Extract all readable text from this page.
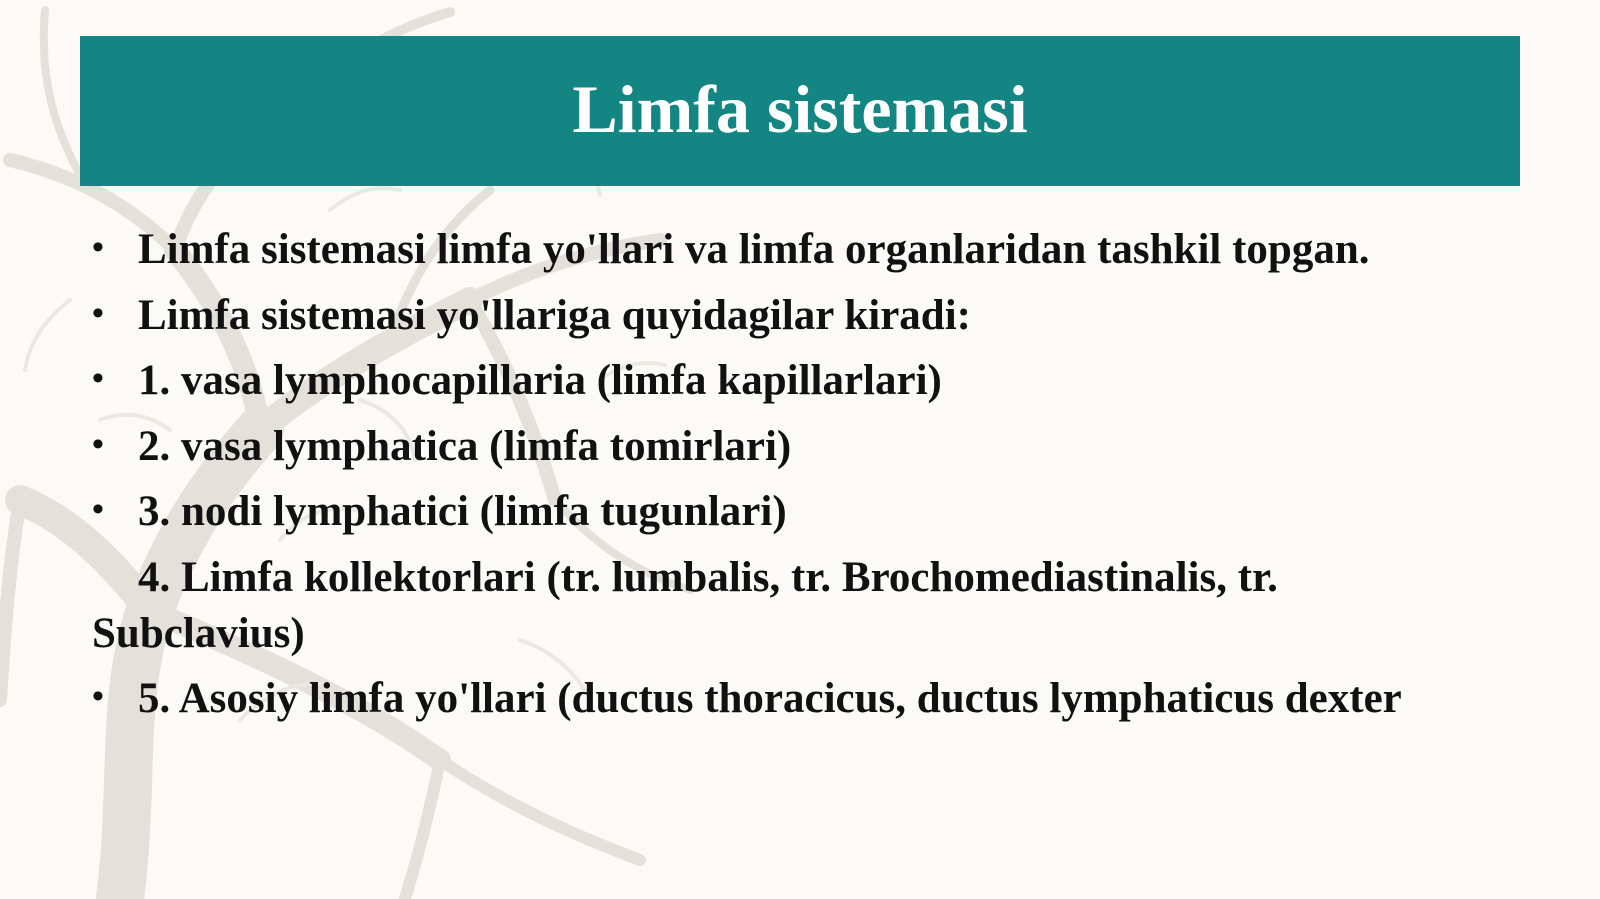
Limfa sistemasi
• Limfa sistemasi limfa yo'llari va limfa organlaridan tashkil topgan.
• Limfa sistemasi yo'llariga quyidagilar kiradi:
• 1. vasa lymphocapillaria (limfa kapillarlari)
• 2. vasa lymphatica (limfa tomirlari)
• 3. nodi lymphatici (limfa tugunlari)
4. Limfa kollektorlari (tr. lumbalis, tr. Brochomediastinalis, tr. Subclavius)
• 5. Asosiy limfa yo'llari (ductus thoracicus, ductus lymphaticus dexter
